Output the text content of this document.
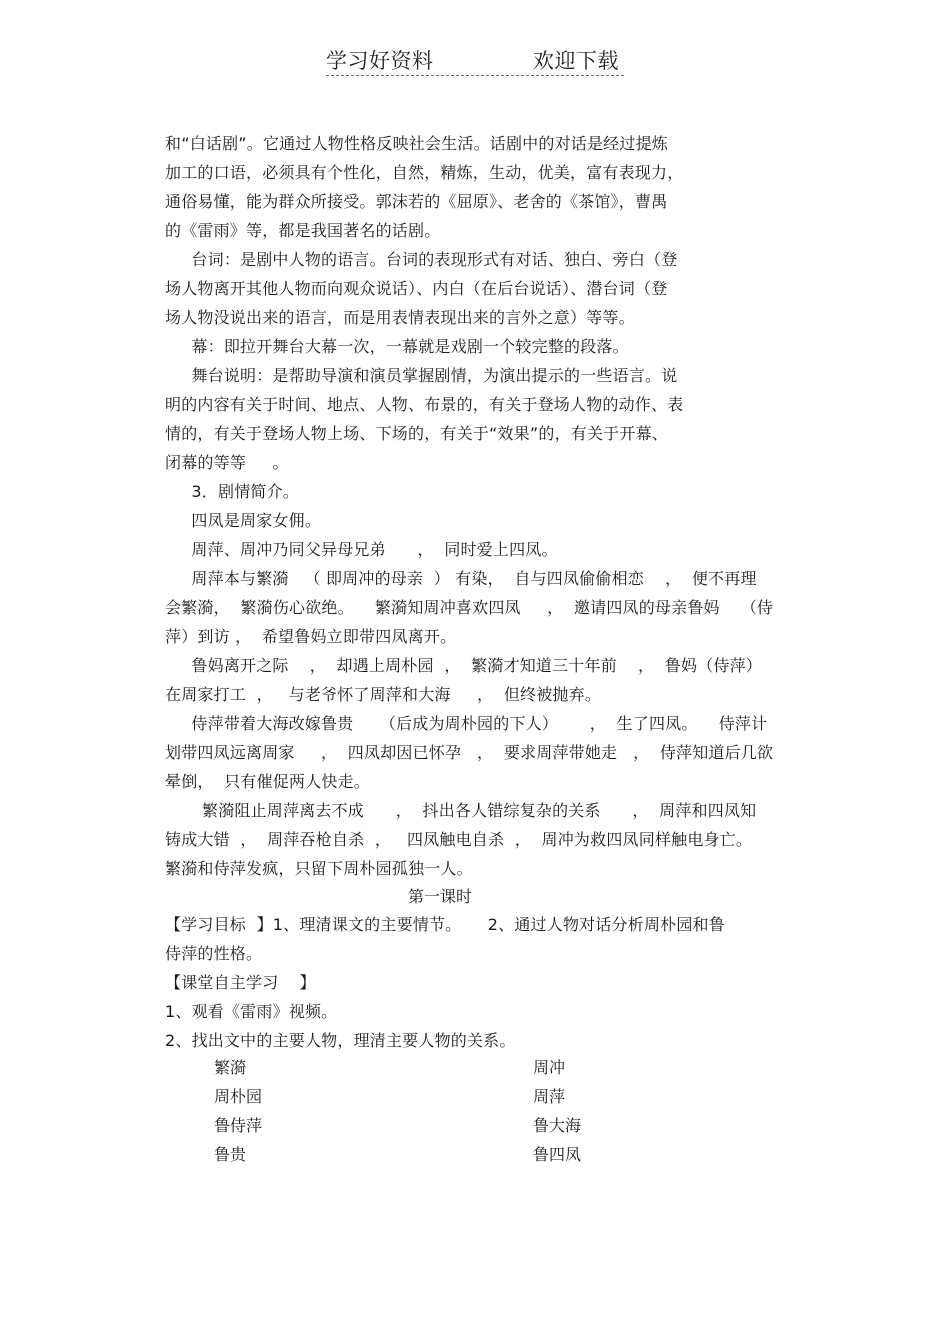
学习好资料	欢迎下载
和“白话剧”。它通过人物性格反映社会生活。话剧中的对话是经过提炼
加工的口语，必须具有个性化，自然，精炼，生动，优美，富有表现力，
通俗易懂，能为群众所接受。郭沫若的《屈原》、老舍的《茶馆》，曹禺
的《雷雨》等，都是我国著名的话剧。
台词：是剧中人物的语言。台词的表现形式有对话、独白、旁白（登
场人物离开其他人物而向观众说话）、内白（在后台说话）、潜台词（登
场人物没说出来的语言，而是用表情表现出来的言外之意）等等。
幕：即拉开舞台大幕一次，一幕就是戏剧一个较完整的段落。
舞台说明：是帮助导演和演员掌握剧情，为演出提示的一些语言。说
明的内容有关于时间、地点、人物、布景的，有关于登场人物的动作、表
情的，有关于登场人物上场、下场的，有关于“效果”的，有关于开幕、
闭幕的等等     。
3．剧情简介。
四凤是周家女佣。
周萍、周冲乃同父异母兄弟      ，  同时爱上四凤。
周萍本与繁漪   （ 即周冲的母亲  ） 有染，  自与四凤偷偷相恋    ，  便不再理
会繁漪，  繁漪伤心欲绝。    繁漪知周冲喜欢四凤     ，  邀请四凤的母亲鲁妈    （侍
萍）到访 ，  希望鲁妈立即带四凤离开。
鲁妈离开之际    ，  却遇上周朴园  ，  繁漪才知道三十年前    ，  鲁妈（侍萍）
在周家打工  ，   与老爷怀了周萍和大海     ，  但终被抛弃。
侍萍带着大海改嫁鲁贵     （后成为周朴园的下人）      ，  生了四凤。    侍萍计
划带四凤远离周家     ，  四凤却因已怀孕   ，  要求周萍带她走   ，  侍萍知道后几欲
晕倒，  只有催促两人快走。
繁漪阻止周萍离去不成      ，  抖出各人错综复杂的关系      ，  周萍和四凤知
铸成大错  ，  周萍吞枪自杀  ，   四凤触电自杀  ，  周冲为救四凤同样触电身亡。
繁漪和侍萍发疯，只留下周朴园孤独一人。
第一课时
【学习目标  】1、理清课文的主要情节。     2、通过人物对话分析周朴园和鲁
侍萍的性格。
【课堂自主学习    】
1、观看《雷雨》视频。
2、找出文中的主要人物，理清主要人物的关系。
繁漪	周冲
周朴园	周萍
鲁侍萍	鲁大海
鲁贵	鲁四凤
